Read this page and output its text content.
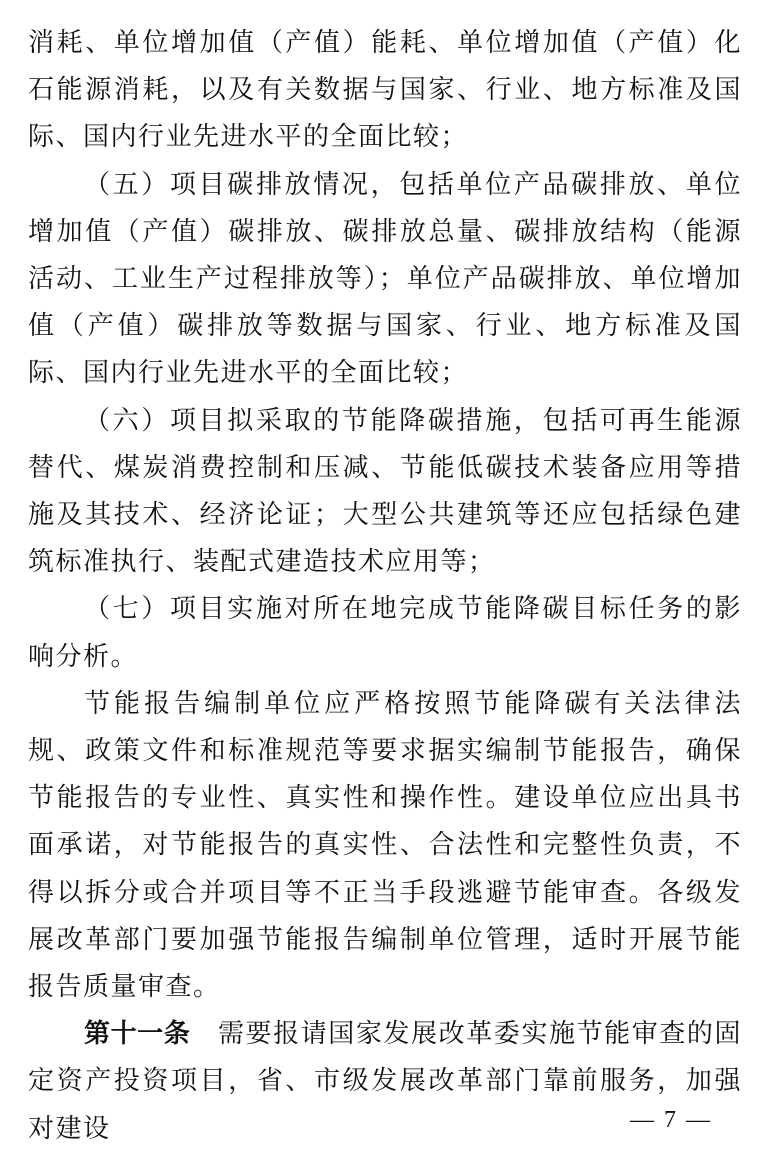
消耗、单位增加值（产值）能耗、单位增加值（产值）化石能源消耗，以及有关数据与国家、行业、地方标准及国际、国内行业先进水平的全面比较；

（五）项目碳排放情况，包括单位产品碳排放、单位增加值（产值）碳排放、碳排放总量、碳排放结构（能源活动、工业生产过程排放等）；单位产品碳排放、单位增加值（产值）碳排放等数据与国家、行业、地方标准及国际、国内行业先进水平的全面比较；

（六）项目拟采取的节能降碳措施，包括可再生能源替代、煤炭消费控制和压减、节能低碳技术装备应用等措施及其技术、经济论证；大型公共建筑等还应包括绿色建筑标准执行、装配式建造技术应用等；

（七）项目实施对所在地完成节能降碳目标任务的影响分析。

节能报告编制单位应严格按照节能降碳有关法律法规、政策文件和标准规范等要求据实编制节能报告，确保节能报告的专业性、真实性和操作性。建设单位应出具书面承诺，对节能报告的真实性、合法性和完整性负责，不得以拆分或合并项目等不正当手段逃避节能审查。各级发展改革部门要加强节能报告编制单位管理，适时开展节能报告质量审查。

第十一条　 需要报请国家发展改革委实施节能审查的固定资产投资项目，省、市级发展改革部门靠前服务，加强对建设	— 7 —
